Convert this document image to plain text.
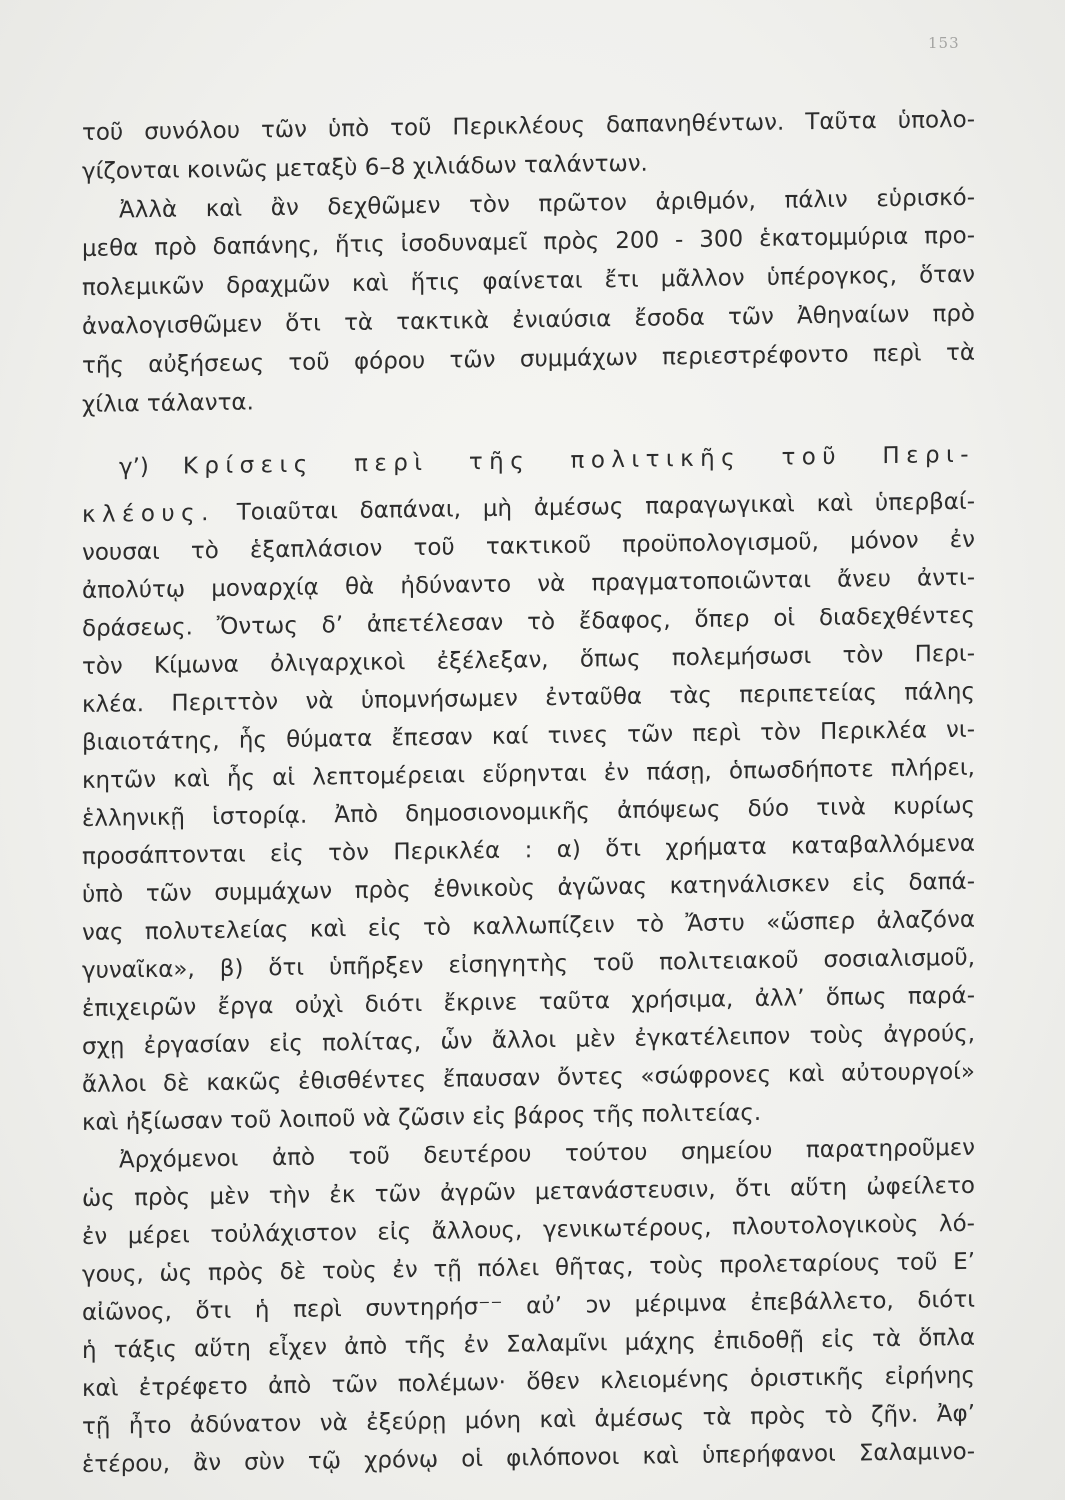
153
τοῦ συνόλου τῶν ὑπὸ τοῦ Περικλέους δαπανηθέντων. Ταῦτα ὑπολο-
γίζονται κοινῶς μεταξὺ 6–8 χιλιάδων ταλάντων.
Ἀλλὰ καὶ ἂν δεχθῶμεν τὸν πρῶτον ἀριθμόν, πάλιν εὑρισκό-
μεθα πρὸ δαπάνης, ἥτις ἰσοδυναμεῖ πρὸς 200 - 300 ἑκατομμύρια προ-
πολεμικῶν δραχμῶν καὶ ἥτις φαίνεται ἔτι μᾶλλον ὑπέρογκος, ὅταν
ἀναλογισθῶμεν ὅτι τὰ τακτικὰ ἐνιαύσια ἔσοδα τῶν Ἀθηναίων πρὸ
τῆς αὐξήσεως τοῦ φόρου τῶν συμμάχων περιεστρέφοντο περὶ τὰ
χίλια τάλαντα.
γ’) Κρίσεις περὶ τῆς πολιτικῆς τοῦ Περι-
κλέους. Τοιαῦται δαπάναι, μὴ ἀμέσως παραγωγικαὶ καὶ ὑπερβαί-
νουσαι τὸ ἑξαπλάσιον τοῦ τακτικοῦ προϋπολογισμοῦ, μόνον ἐν
ἀπολύτῳ μοναρχίᾳ θὰ ἠδύναντο νὰ πραγματοποιῶνται ἄνευ ἀντι-
δράσεως. Ὄντως δ’ ἀπετέλεσαν τὸ ἔδαφος, ὅπερ οἱ διαδεχθέντες
τὸν Κίμωνα ὀλιγαρχικοὶ ἐξέλεξαν, ὅπως πολεμήσωσι τὸν Περι-
κλέα. Περιττὸν νὰ ὑπομνήσωμεν ἐνταῦθα τὰς περιπετείας πάλης
βιαιοτάτης, ἧς θύματα ἔπεσαν καί τινες τῶν περὶ τὸν Περικλέα νι-
κητῶν καὶ ἧς αἱ λεπτομέρειαι εὕρηνται ἐν πάσῃ, ὁπωσδήποτε πλήρει,
ἑλληνικῇ ἱστορίᾳ. Ἀπὸ δημοσιονομικῆς ἀπόψεως δύο τινὰ κυρίως
προσάπτονται εἰς τὸν Περικλέα : α) ὅτι χρήματα καταβαλλόμενα
ὑπὸ τῶν συμμάχων πρὸς ἐθνικοὺς ἀγῶνας κατηνάλισκεν εἰς δαπά-
νας πολυτελείας καὶ εἰς τὸ καλλωπίζειν τὸ Ἄστυ «ὥσπερ ἀλαζόνα
γυναῖκα», β) ὅτι ὑπῆρξεν εἰσηγητὴς τοῦ πολιτειακοῦ σοσιαλισμοῦ,
ἐπιχειρῶν ἔργα οὐχὶ διότι ἔκρινε ταῦτα χρήσιμα, ἀλλ’ ὅπως παρά-
σχῃ ἐργασίαν εἰς πολίτας, ὧν ἄλλοι μὲν ἐγκατέλειπον τοὺς ἀγρούς,
ἄλλοι δὲ κακῶς ἐθισθέντες ἔπαυσαν ὄντες «σώφρονες καὶ αὐτουργοί»
καὶ ἠξίωσαν τοῦ λοιποῦ νὰ ζῶσιν εἰς βάρος τῆς πολιτείας.
Ἀρχόμενοι ἀπὸ τοῦ δευτέρου τούτου σημείου παρατηροῦμεν
ὡς πρὸς μὲν τὴν ἐκ τῶν ἀγρῶν μετανάστευσιν, ὅτι αὕτη ὠφείλετο
ἐν μέρει τοὐλάχιστον εἰς ἄλλους, γενικωτέρους, πλουτολογικοὺς λό-
γους, ὡς πρὸς δὲ τοὺς ἐν τῇ πόλει θῆτας, τοὺς προλεταρίους τοῦ Ε’
αἰῶνος, ὅτι ἡ περὶ συντηρήσ⁻⁻ αὐ’ ͻν μέριμνα ἐπεβάλλετο, διότι
ἡ τάξις αὕτη εἶχεν ἀπὸ τῆς ἐν Σαλαμῖνι μάχης ἐπιδοθῇ εἰς τὰ ὅπλα
καὶ ἐτρέφετο ἀπὸ τῶν πολέμων· ὅθεν κλειομένης ὁριστικῆς εἰρήνης
τῇ ἦτο ἀδύνατον νὰ ἐξεύρῃ μόνη καὶ ἀμέσως τὰ πρὸς τὸ ζῆν. Ἀφ’
ἑτέρου, ἂν σὺν τῷ χρόνῳ οἱ φιλόπονοι καὶ ὑπερήφανοι Σαλαμινο-
